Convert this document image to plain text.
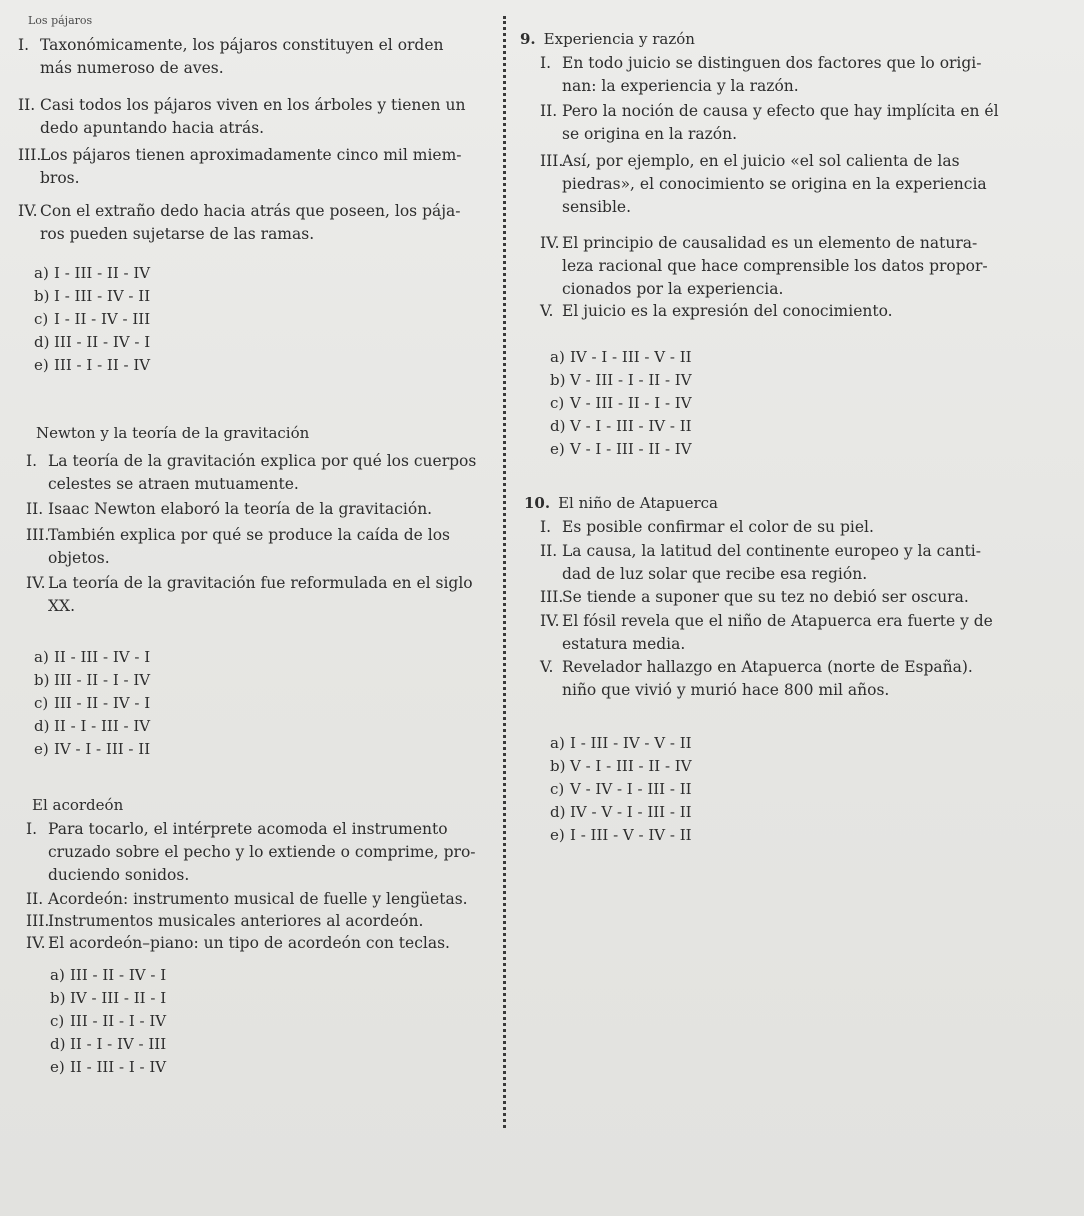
Los pájaros
I. Taxonómicamente, los pájaros constituyen el orden
más numeroso de aves.
II. Casi todos los pájaros viven en los árboles y tienen un
dedo apuntando hacia atrás.
III.Los pájaros tienen aproximadamente cinco mil miem-
bros.
IV. Con el extraño dedo hacia atrás que poseen, los pája-
ros pueden sujetarse de las ramas.
a) I - III - II - IV
b) I - III - IV - II
c) I - II - IV - III
d) III - II - IV - I
e) III - I - II - IV
Newton y la teoría de la gravitación
I. La teoría de la gravitación explica por qué los cuerpos
celestes se atraen mutuamente.
II. Isaac Newton elaboró la teoría de la gravitación.
III.También explica por qué se produce la caída de los
objetos.
IV. La teoría de la gravitación fue reformulada en el siglo
XX.
a) II - III - IV - I
b) III - II - I - IV
c) III - II - IV - I
d) II - I - III - IV
e) IV - I - III - II
El acordeón
I. Para tocarlo, el intérprete acomoda el instrumento
cruzado sobre el pecho y lo extiende o comprime, pro-
duciendo sonidos.
II. Acordeón: instrumento musical de fuelle y lengüetas.
III.Instrumentos musicales anteriores al acordeón.
IV. El acordeón–piano: un tipo de acordeón con teclas.
a) III - II - IV - I
b) IV - III - II - I
c) III - II - I - IV
d) II - I - IV - III
e) II - III - I - IV
9. Experiencia y razón
I. En todo juicio se distinguen dos factores que lo origi-
nan: la experiencia y la razón.
II. Pero la noción de causa y efecto que hay implícita en él
se origina en la razón.
III.Así, por ejemplo, en el juicio «el sol calienta de las
piedras», el conocimiento se origina en la experiencia
sensible.
IV. El principio de causalidad es un elemento de natura-
leza racional que hace comprensible los datos propor-
cionados por la experiencia.
V. El juicio es la expresión del conocimiento.
a) IV - I - III - V - II
b) V - III - I - II - IV
c) V - III - II - I - IV
d) V - I - III - IV - II
e) V - I - III - II - IV
10. El niño de Atapuerca
I. Es posible confirmar el color de su piel.
II. La causa, la latitud del continente europeo y la canti-
dad de luz solar que recibe esa región.
III.Se tiende a suponer que su tez no debió ser oscura.
IV. El fósil revela que el niño de Atapuerca era fuerte y de
estatura media.
V. Revelador hallazgo en Atapuerca (norte de España).
niño que vivió y murió hace 800 mil años.
a) I - III - IV - V - II
b) V - I - III - II - IV
c) V - IV - I - III - II
d) IV - V - I - III - II
e) I - III - V - IV - II
